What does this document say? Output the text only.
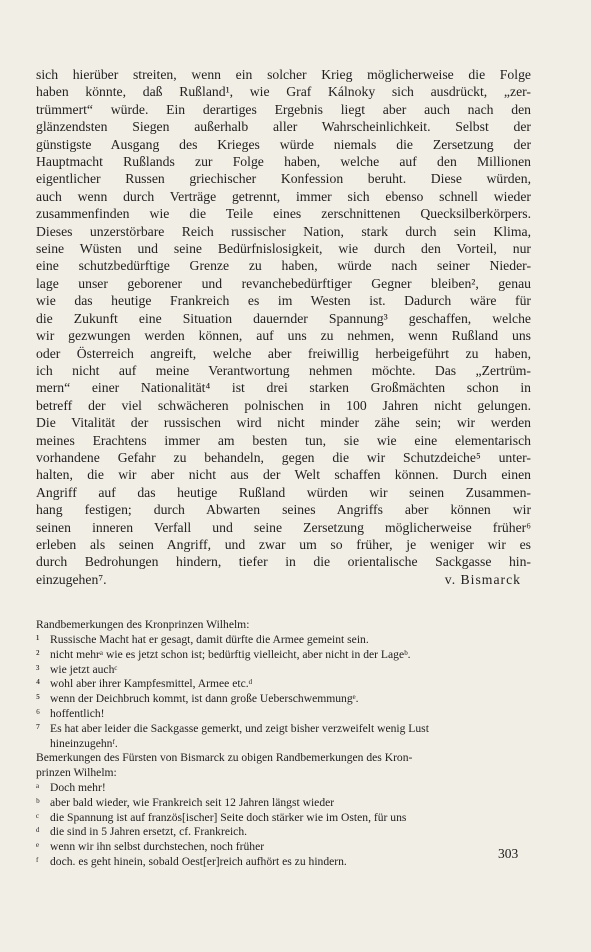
sich hierüber streiten, wenn ein solcher Krieg möglicherweise die Folge
haben könnte, daß Rußland¹, wie Graf Kálnoky sich ausdrückt, „zer-
trümmert“ würde. Ein derartiges Ergebnis liegt aber auch nach den
glänzendsten Siegen außerhalb aller Wahrscheinlichkeit. Selbst der
günstigste Ausgang des Krieges würde niemals die Zersetzung der
Hauptmacht Rußlands zur Folge haben, welche auf den Millionen
eigentlicher Russen griechischer Konfession beruht. Diese würden,
auch wenn durch Verträge getrennt, immer sich ebenso schnell wieder
zusammenfinden wie die Teile eines zerschnittenen Quecksilberkörpers.
Dieses unzerstörbare Reich russischer Nation, stark durch sein Klima,
seine Wüsten und seine Bedürfnislosigkeit, wie durch den Vorteil, nur
eine schutzbedürftige Grenze zu haben, würde nach seiner Nieder-
lage unser geborener und revanchebedürftiger Gegner bleiben², genau
wie das heutige Frankreich es im Westen ist. Dadurch wäre für
die Zukunft eine Situation dauernder Spannung³ geschaffen, welche
wir gezwungen werden können, auf uns zu nehmen, wenn Rußland uns
oder Österreich angreift, welche aber freiwillig herbeigeführt zu haben,
ich nicht auf meine Verantwortung nehmen möchte. Das „Zertrüm-
mern“ einer Nationalität⁴ ist drei starken Großmächten schon in
betreff der viel schwächeren polnischen in 100 Jahren nicht gelungen.
Die Vitalität der russischen wird nicht minder zähe sein; wir werden
meines Erachtens immer am besten tun, sie wie eine elementarisch
vorhandene Gefahr zu behandeln, gegen die wir Schutzdeiche⁵ unter-
halten, die wir aber nicht aus der Welt schaffen können. Durch einen
Angriff auf das heutige Rußland würden wir seinen Zusammen-
hang festigen; durch Abwarten seines Angriffs aber können wir
seinen inneren Verfall und seine Zersetzung möglicherweise früher⁶
erleben als seinen Angriff, und zwar um so früher, je weniger wir es
durch Bedrohungen hindern, tiefer in die orientalische Sackgasse hin-
einzugehen⁷.	v. Bismarck
Randbemerkungen des Kronprinzen Wilhelm:
¹ Russische Macht hat er gesagt, damit dürfte die Armee gemeint sein.
² nicht mehrᵃ wie es jetzt schon ist; bedürftig vielleicht, aber nicht in der Lageᵇ.
³ wie jetzt auchᶜ
⁴ wohl aber ihrer Kampfesmittel, Armee etc.ᵈ
⁵ wenn der Deichbruch kommt, ist dann große Ueberschwemmungᵉ.
⁶ hoffentlich!
⁷ Es hat aber leider die Sackgasse gemerkt, und zeigt bisher verzweifelt wenig Lust
hineinzugehnᶠ.
Bemerkungen des Fürsten von Bismarck zu obigen Randbemerkungen des Kron-
prinzen Wilhelm:
ᵃ Doch mehr!
ᵇ aber bald wieder, wie Frankreich seit 12 Jahren längst wieder
ᶜ die Spannung ist auf französ[ischer] Seite doch stärker wie im Osten, für uns
ᵈ die sind in 5 Jahren ersetzt, cf. Frankreich.
ᵉ wenn wir ihn selbst durchstechen, noch früher
ᶠ doch. es geht hinein, sobald Oest[er]reich aufhört es zu hindern.
303
